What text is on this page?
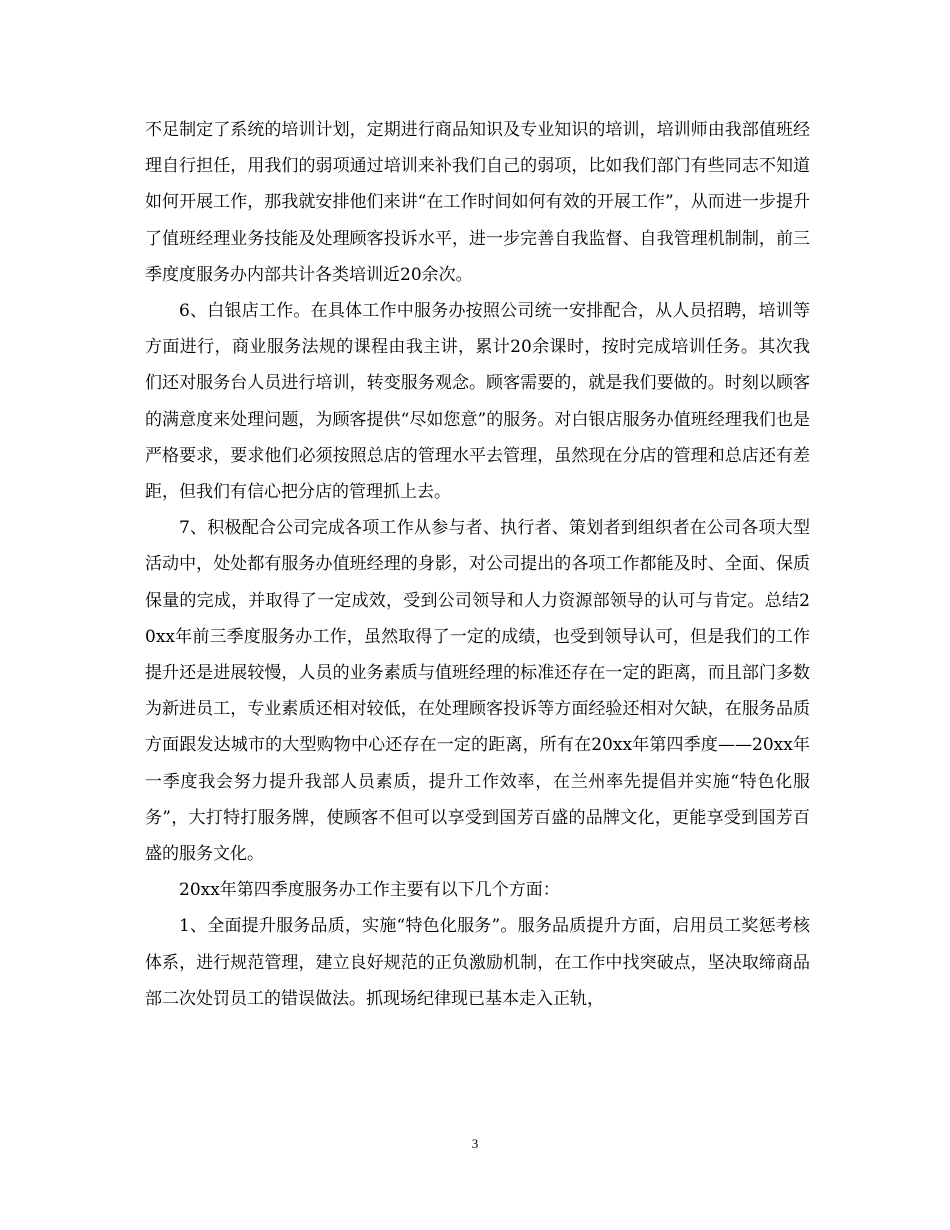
不足制定了系统的培训计划，定期进行商品知识及专业知识的培训，培训师由我部值班经理自行担任，用我们的弱项通过培训来补我们自己的弱项，比如我们部门有些同志不知道如何开展工作，那我就安排他们来讲“在工作时间如何有效的开展工作”，从而进一步提升了值班经理业务技能及处理顾客投诉水平，进一步完善自我监督、自我管理机制制，前三季度度服务办内部共计各类培训近20余次。

6、白银店工作。在具体工作中服务办按照公司统一安排配合，从人员招聘，培训等方面进行，商业服务法规的课程由我主讲，累计20余课时，按时完成培训任务。其次我们还对服务台人员进行培训，转变服务观念。顾客需要的，就是我们要做的。时刻以顾客的满意度来处理问题，为顾客提供“尽如您意”的服务。对白银店服务办值班经理我们也是严格要求，要求他们必须按照总店的管理水平去管理，虽然现在分店的管理和总店还有差距，但我们有信心把分店的管理抓上去。

7、积极配合公司完成各项工作从参与者、执行者、策划者到组织者在公司各项大型活动中，处处都有服务办值班经理的身影，对公司提出的各项工作都能及时、全面、保质保量的完成，并取得了一定成效，受到公司领导和人力资源部领导的认可与肯定。总结20xx年前三季度服务办工作，虽然取得了一定的成绩，也受到领导认可，但是我们的工作提升还是进展较慢，人员的业务素质与值班经理的标准还存在一定的距离，而且部门多数为新进员工，专业素质还相对较低，在处理顾客投诉等方面经验还相对欠缺，在服务品质方面跟发达城市的大型购物中心还存在一定的距离，所有在20xx年第四季度——20xx年一季度我会努力提升我部人员素质，提升工作效率，在兰州率先提倡并实施“特色化服务”，大打特打服务牌，使顾客不但可以享受到国芳百盛的品牌文化，更能享受到国芳百盛的服务文化。

20xx年第四季度服务办工作主要有以下几个方面：

1、全面提升服务品质，实施“特色化服务”。服务品质提升方面，启用员工奖惩考核体系，进行规范管理，建立良好规范的正负激励机制，在工作中找突破点，坚决取缔商品部二次处罚员工的错误做法。抓现场纪律现已基本走入正轨，

3
